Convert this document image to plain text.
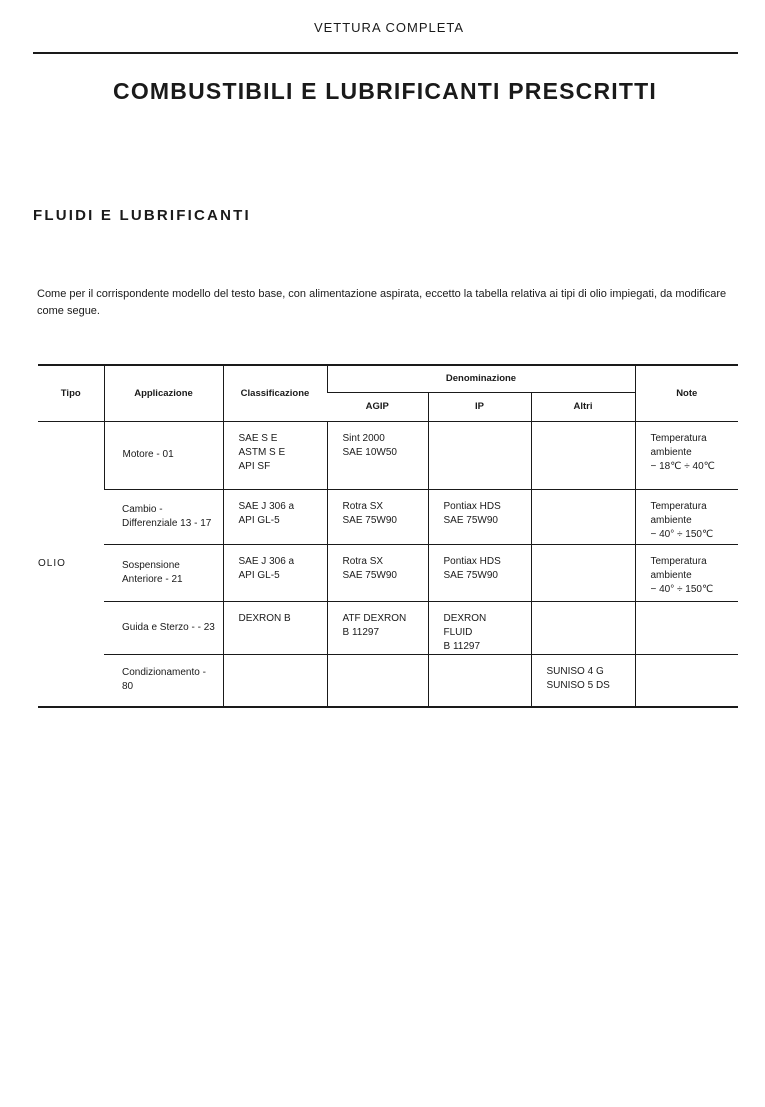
VETTURA COMPLETA
COMBUSTIBILI E LUBRIFICANTI PRESCRITTI
FLUIDI E LUBRIFICANTI
Come per il corrispondente modello del testo base, con alimentazione aspirata, eccetto la tabella relativa ai tipi di olio impiegati, da modificare come segue.
Tipo	Applicazione	Classificazione	Denominazione			Note
			AGIP	IP	Altri	
OLIO	Motore - 01	SAE S E
ASTM S E
API SF	Sint 2000
SAE 10W50			Temperatura
ambiente
− 18℃ ÷ 40℃

	Cambio - Differenziale 13 - 17	SAE J 306 a
API GL-5	Rotra SX
SAE 75W90	Pontiax HDS
SAE 75W90		Temperatura
ambiente
− 40° ÷ 150℃

	Sospensione Anteriore - 21	SAE J 306 a
API GL-5	Rotra SX
SAE 75W90	Pontiax HDS
SAE 75W90		Temperatura
ambiente
− 40° ÷ 150℃

	Guida e Sterzo - - 23	DEXRON B	ATF DEXRON
B 11297	DEXRON
FLUID
B 11297		

	Condizionamento - 80				SUNISO 4 G
SUNISO 5 DS	
